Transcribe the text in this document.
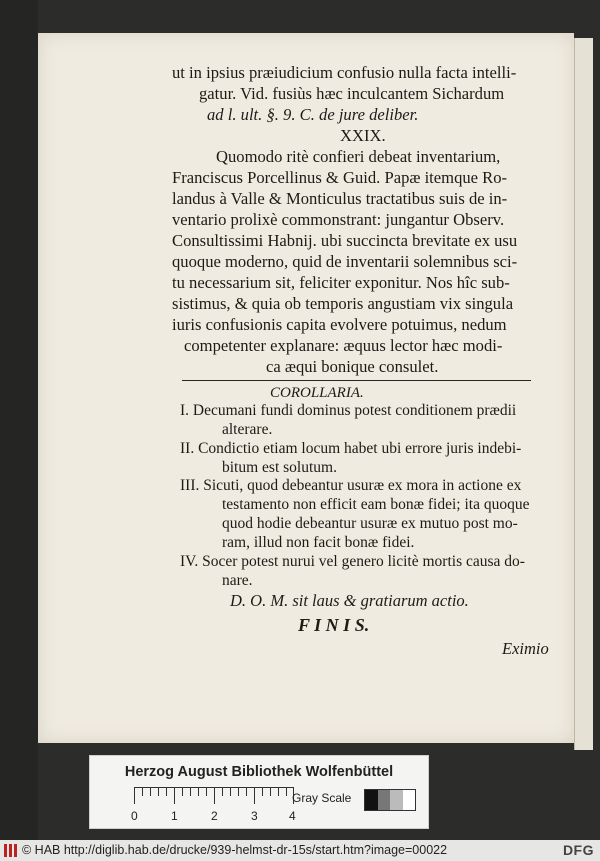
ut in ipsius præiudicium confusio nulla facta intelli-
gatur. Vid. fusiùs hæc inculcantem Sichardum
ad l. ult. §. 9. C. de jure deliber.
XXIX.
Quomodo ritè confieri debeat inventarium,
Franciscus Porcellinus & Guid. Papæ itemque Ro-
landus à Valle & Monticulus tractatibus suis de in-
ventario prolixè commonstrant: jungantur Observ.
Consultissimi Habnij. ubi succincta brevitate ex usu
quoque moderno, quid de inventarii solemnibus sci-
tu necessarium sit, feliciter exponitur. Nos hîc sub-
sistimus, & quia ob temporis angustiam vix singula
iuris confusionis capita evolvere potuimus, nedum
competenter explanare: æquus lector hæc modi-
ca æqui bonique consulet.
COROLLARIA.
I. Decumani fundi dominus potest conditionem prædii
alterare.
II. Condictio etiam locum habet ubi errore juris indebi-
bitum est solutum.
III. Sicuti, quod debeantur usuræ ex mora in actione ex
testamento non efficit eam bonæ fidei; ita quoque
quod hodie debeantur usuræ ex mutuo post mo-
ram, illud non facit bonæ fidei.
IV. Socer potest nurui vel genero licitè mortis causa do-
nare.
D. O. M. sit laus & gratiarum actio.
F I N I S.
Eximio
Herzog August Bibliothek Wolfenbüttel
0	1	2	3	4
Gray Scale
© HAB http://diglib.hab.de/drucke/939-helmst-dr-15s/start.htm?image=00022	DFG
